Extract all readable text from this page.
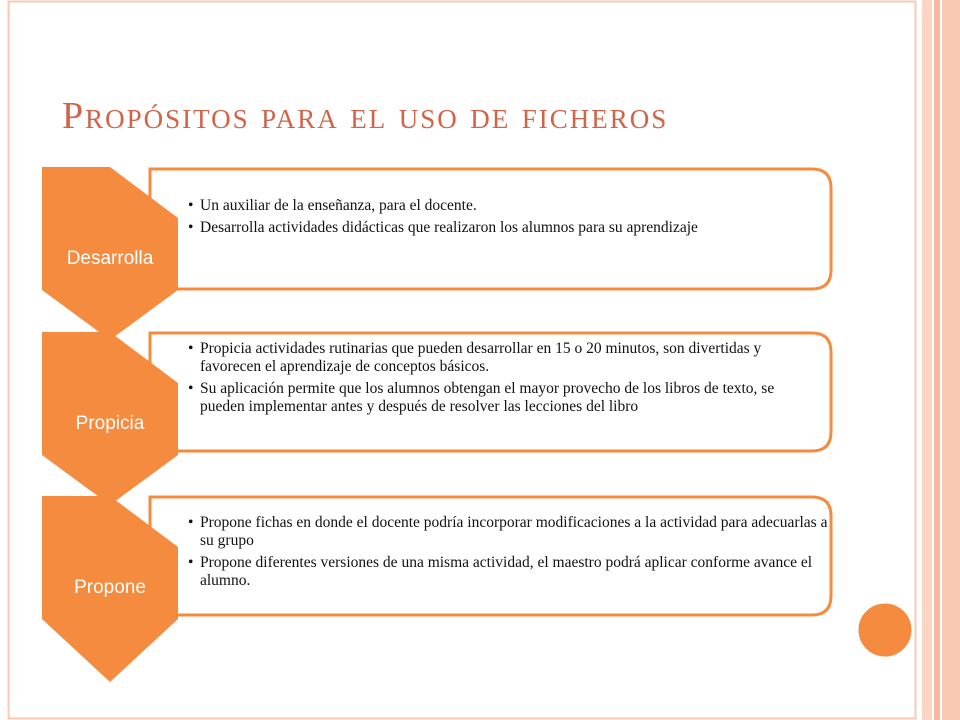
Propósitos para el uso de ficheros
Desarrolla
Propicia
Propone
• Un auxiliar de la enseñanza, para el docente.
• Desarrolla actividades didácticas que realizaron los alumnos para su aprendizaje
• Propicia actividades rutinarias que pueden desarrollar en 15 o 20 minutos, son divertidas y favorecen el aprendizaje de conceptos básicos.
• Su aplicación permite que los alumnos obtengan el mayor provecho de los libros de texto, se pueden implementar antes y después de resolver las lecciones del libro
• Propone fichas en donde el docente podría incorporar modificaciones a la actividad para adecuarlas a su grupo
• Propone diferentes versiones de una misma actividad, el maestro podrá aplicar conforme avance el alumno.
